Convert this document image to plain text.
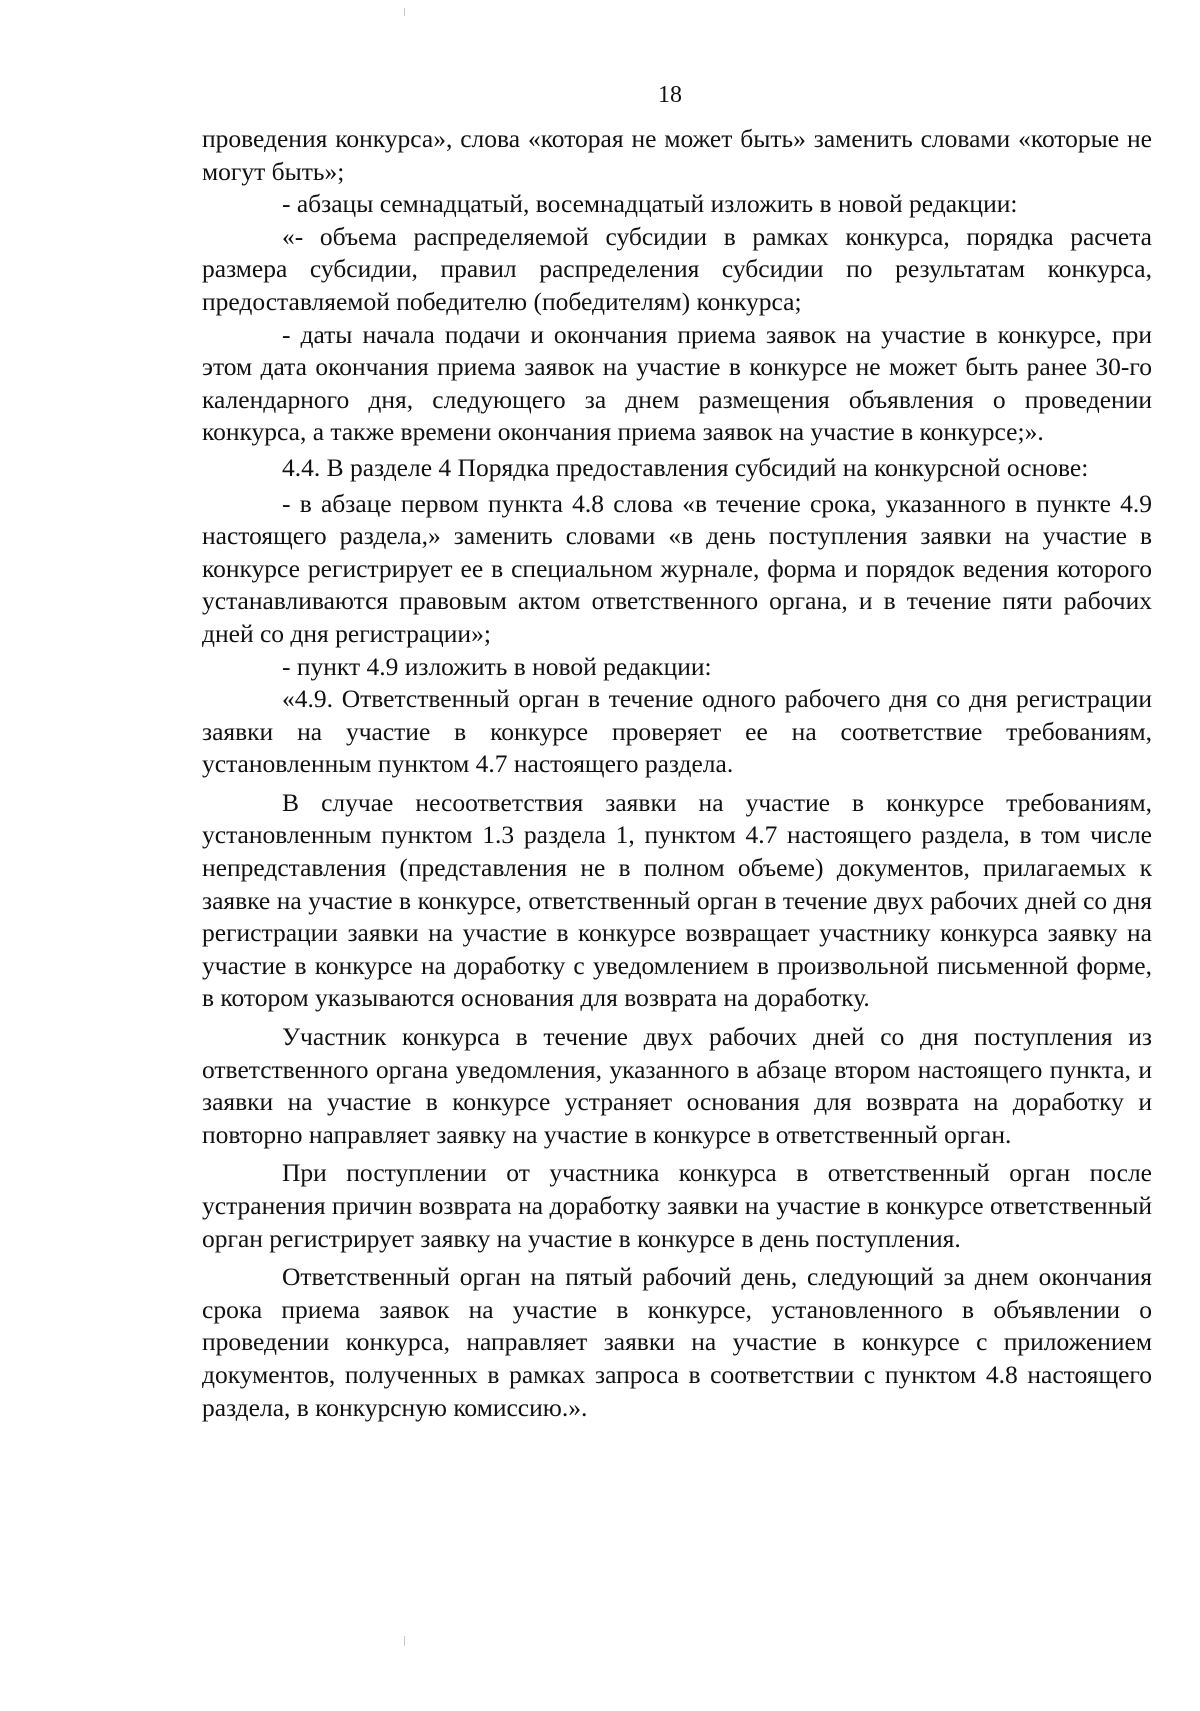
18

проведения конкурса», слова «которая не может быть» заменить словами «которые не могут быть»;

- абзацы семнадцатый, восемнадцатый изложить в новой редакции:

«- объема распределяемой субсидии в рамках конкурса, порядка расчета размера субсидии, правил распределения субсидии по результатам конкурса, предоставляемой победителю (победителям) конкурса;

- даты начала подачи и окончания приема заявок на участие в конкурсе, при этом дата окончания приема заявок на участие в конкурсе не может быть ранее 30-го календарного дня, следующего за днем размещения объявления о проведении конкурса, а также времени окончания приема заявок на участие в конкурсе;».

4.4. В разделе 4 Порядка предоставления субсидий на конкурсной основе:

- в абзаце первом пункта 4.8 слова «в течение срока, указанного в пункте 4.9 настоящего раздела,» заменить словами «в день поступления заявки на участие в конкурсе регистрирует ее в специальном журнале, форма и порядок ведения которого устанавливаются правовым актом ответственного органа, и в течение пяти рабочих дней со дня регистрации»;

- пункт 4.9 изложить в новой редакции:

«4.9. Ответственный орган в течение одного рабочего дня со дня регистрации заявки на участие в конкурсе проверяет ее на соответствие требованиям, установленным пунктом 4.7 настоящего раздела.

В случае несоответствия заявки на участие в конкурсе требованиям, установленным пунктом 1.3 раздела 1, пунктом 4.7 настоящего раздела, в том числе непредставления (представления не в полном объеме) документов, прилагаемых к заявке на участие в конкурсе, ответственный орган в течение двух рабочих дней со дня регистрации заявки на участие в конкурсе возвращает участнику конкурса заявку на участие в конкурсе на доработку с уведомлением в произвольной письменной форме, в котором указываются основания для возврата на доработку.

Участник конкурса в течение двух рабочих дней со дня поступления из ответственного органа уведомления, указанного в абзаце втором настоящего пункта, и заявки на участие в конкурсе устраняет основания для возврата на доработку и повторно направляет заявку на участие в конкурсе в ответственный орган.

При поступлении от участника конкурса в ответственный орган после устранения причин возврата на доработку заявки на участие в конкурсе ответственный орган регистрирует заявку на участие в конкурсе в день поступления.

Ответственный орган на пятый рабочий день, следующий за днем окончания срока приема заявок на участие в конкурсе, установленного в объявлении о проведении конкурса, направляет заявки на участие в конкурсе с приложением документов, полученных в рамках запроса в соответствии с пунктом 4.8 настоящего раздела, в конкурсную комиссию.».
